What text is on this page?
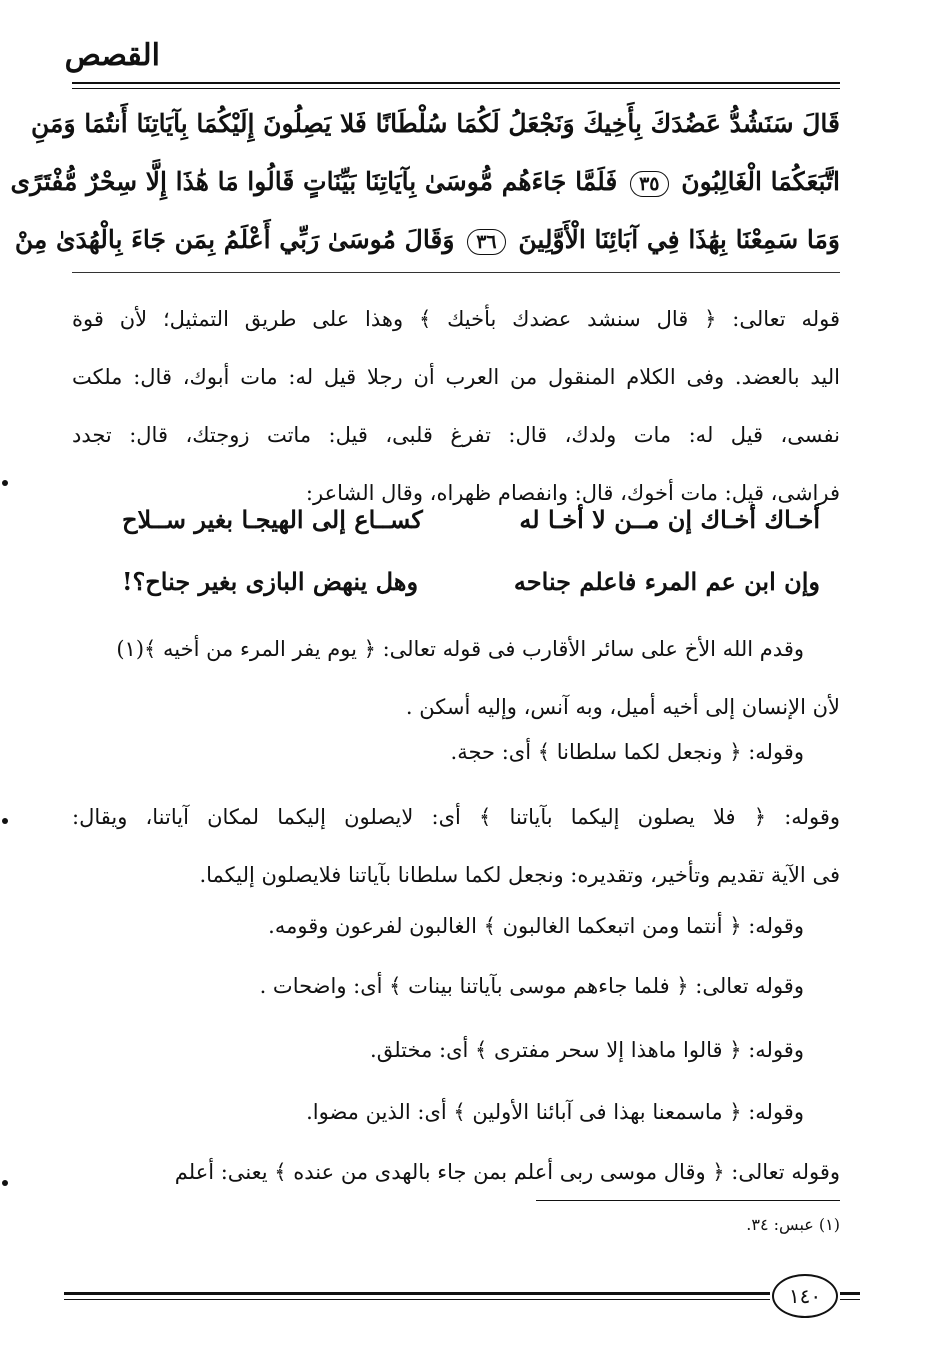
القصص
قَالَ سَنَشُدُّ عَضُدَكَ بِأَخِيكَ وَنَجْعَلُ لَكُمَا سُلْطَانًا فَلا يَصِلُونَ إِلَيْكُمَا بِآيَاتِنَا أَنتُمَا وَمَنِ
اتَّبَعَكُمَا الْغَالِبُونَ ٣٥ فَلَمَّا جَاءَهُم مُّوسَىٰ بِآيَاتِنَا بَيِّنَاتٍ قَالُوا مَا هَٰذَا إِلَّا سِحْرٌ مُّفْتَرًى
وَمَا سَمِعْنَا بِهَٰذَا فِي آبَائِنَا الْأَوَّلِينَ ٣٦ وَقَالَ مُوسَىٰ رَبِّي أَعْلَمُ بِمَن جَاءَ بِالْهُدَىٰ مِنْ
قوله تعالى: ﴿ قال سنشد عضدك بأخيك ﴾ وهذا على طريق التمثيل؛ لأن قوة
اليد بالعضد. وفى الكلام المنقول من العرب أن رجلا قيل له: مات أبوك، قال: ملكت
نفسى، قيل له: مات ولدك، قال: تفرغ قلبى، قيل: ماتت زوجتك، قال: تجدد
فراشى، قيل: مات أخوك، قال: وانفصام ظهراه، وقال الشاعر:
أخـاك أخـاك إن مــن لا أخـا له
كســاع إلى الهيجـا بغير ســلاح
وإن ابن عم المرء فاعلم جناحه
وهل ينهض البازى بغير جناح؟!
وقدم الله الأخ على سائر الأقارب فى قوله تعالى: ﴿ يوم يفر المرء من أخيه ﴾(١)
لأن الإنسان إلى أخيه أميل، وبه آنس، وإليه أسكن .
وقوله: ﴿ ونجعل لكما سلطانا ﴾ أى: حجة.
وقوله: ﴿ فلا يصلون إليكما بآياتنا ﴾ أى: لايصلون إليكما لمكان آياتنا، ويقال:
فى الآية تقديم وتأخير، وتقديره: ونجعل لكما سلطانا بآياتنا فلايصلون إليكما.
وقوله: ﴿ أنتما ومن اتبعكما الغالبون ﴾ الغالبون لفرعون وقومه.
وقوله تعالى: ﴿ فلما جاءهم موسى بآياتنا بينات ﴾ أى: واضحات .
وقوله: ﴿ قالوا ماهذا إلا سحر مفترى ﴾ أى: مختلق.
وقوله: ﴿ ماسمعنا بهذا فى آبائنا الأولين ﴾ أى: الذين مضوا.
وقوله تعالى: ﴿ وقال موسى ربى أعلم بمن جاء بالهدى من عنده ﴾ يعنى: أعلم
(١) عبس: ٣٤.
١٤٠
